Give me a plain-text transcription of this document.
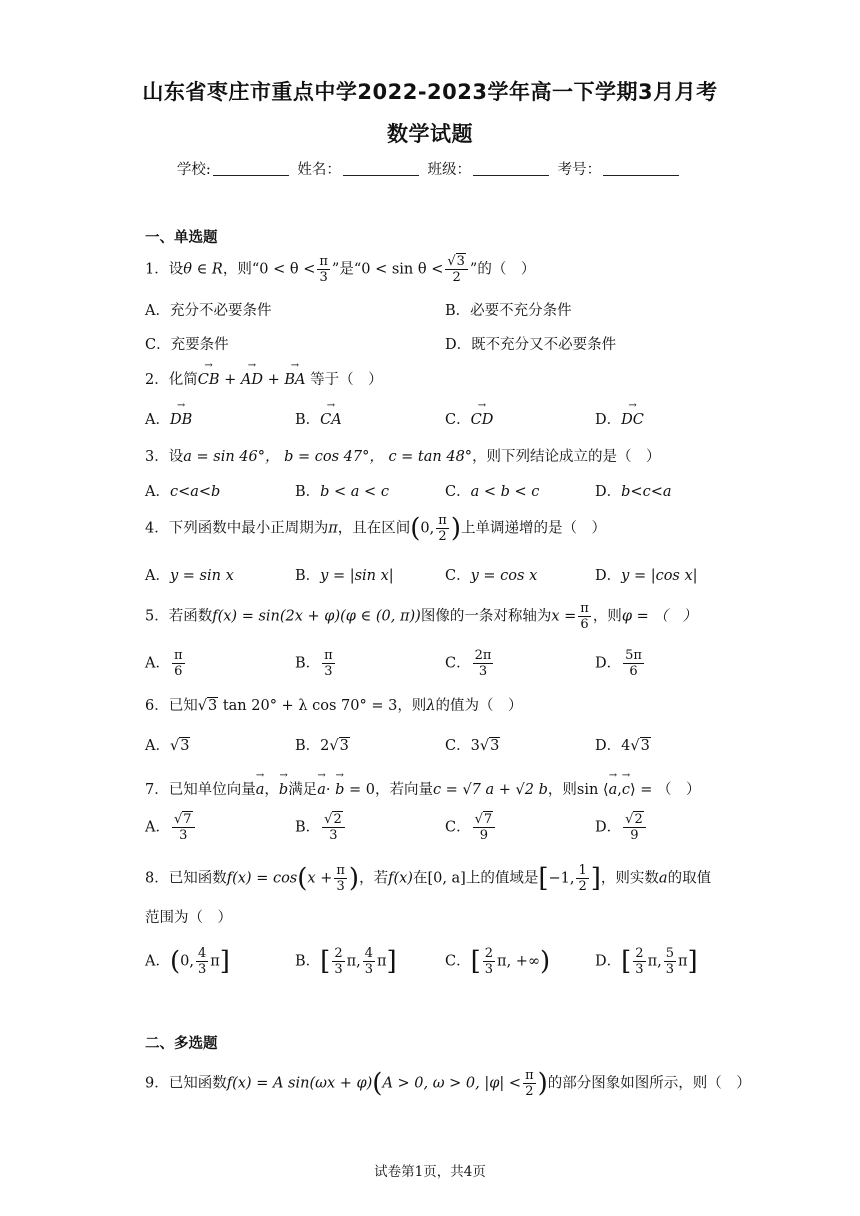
山东省枣庄市重点中学2022-2023学年高一下学期3月月考
数学试题
学校:	姓名：	班级：	考号：
一、单选题
1．设θ ∈ R，则“$0 < \theta < \frac{\pi}{3}$ ”是“$0 < \sin \theta < \frac{√3}{2}$ ”的（　）
A．充分不必要条件	B．必要不充分条件
C．充要条件	D．既不充分又不必要条件
2．化简→ CB + → AD + → BA 等于（　）
A．→ DB	B．→ CA	C．→ CD	D．→ DC
3．设a = sin 46°， b = cos 47°， c = tan 48°，则下列结论成立的是（　）
A．c<a<b	B．b < a < c	C．a < b < c	D．b<c<a
4．下列函数中最小正周期为π，且在区间(0, $\frac{\pi}{2}$ )上单调递增的是（　）
A．y = sin x	B．y = |sin x|	C．y = cos x	D．y = |cos x|
5．若函数f(x) = sin(2x + φ)(φ ∈ (0, π))图像的一条对称轴为$x = \frac{\pi}{6}$ ，则φ = （　）
A． $\frac{\pi}{6}$	B． $\frac{\pi}{3}$	C． $\frac{2\pi}{3}$	D． $\frac{5\pi}{6}$
6．已知√3 tan 20° + λ cos 70° = 3，则λ的值为（　）
A．√3	B．2√3	C．3√3	D．4√3
7．已知单位向量→ a，→ b满足→ a· → b = 0，若向量c = √7 a + √2 b，则sin ⟨→ a,→ c⟩ = （　）
A． $\frac{√7}{3}$	B． $\frac{√2}{3}$	C． $\frac{√7}{9}$	D． $\frac{√2}{9}$
8．已知函数$f(x) = \cos(x + \frac{\pi}{3}$ )，若f(x)在[0, a]上的值域是[−1, $\frac{1}{2}$ ]，则实数a的取值
范围为（　）
A．(0, $\frac{4}{3} \pi$]	B．[ $\frac{2}{3} \pi$, $\frac{4}{3} \pi$]	C．[ $\frac{2}{3} \pi$, +∞)	D．[ $\frac{2}{3} \pi$, $\frac{5}{3} \pi$]
二、多选题
9．已知函数f(x) = A sin(ωx + φ)(A > 0, ω > 0, $|\varphi| < \frac{\pi}{2}$ )的部分图象如图所示，则（　）
试卷第1页，共4页
